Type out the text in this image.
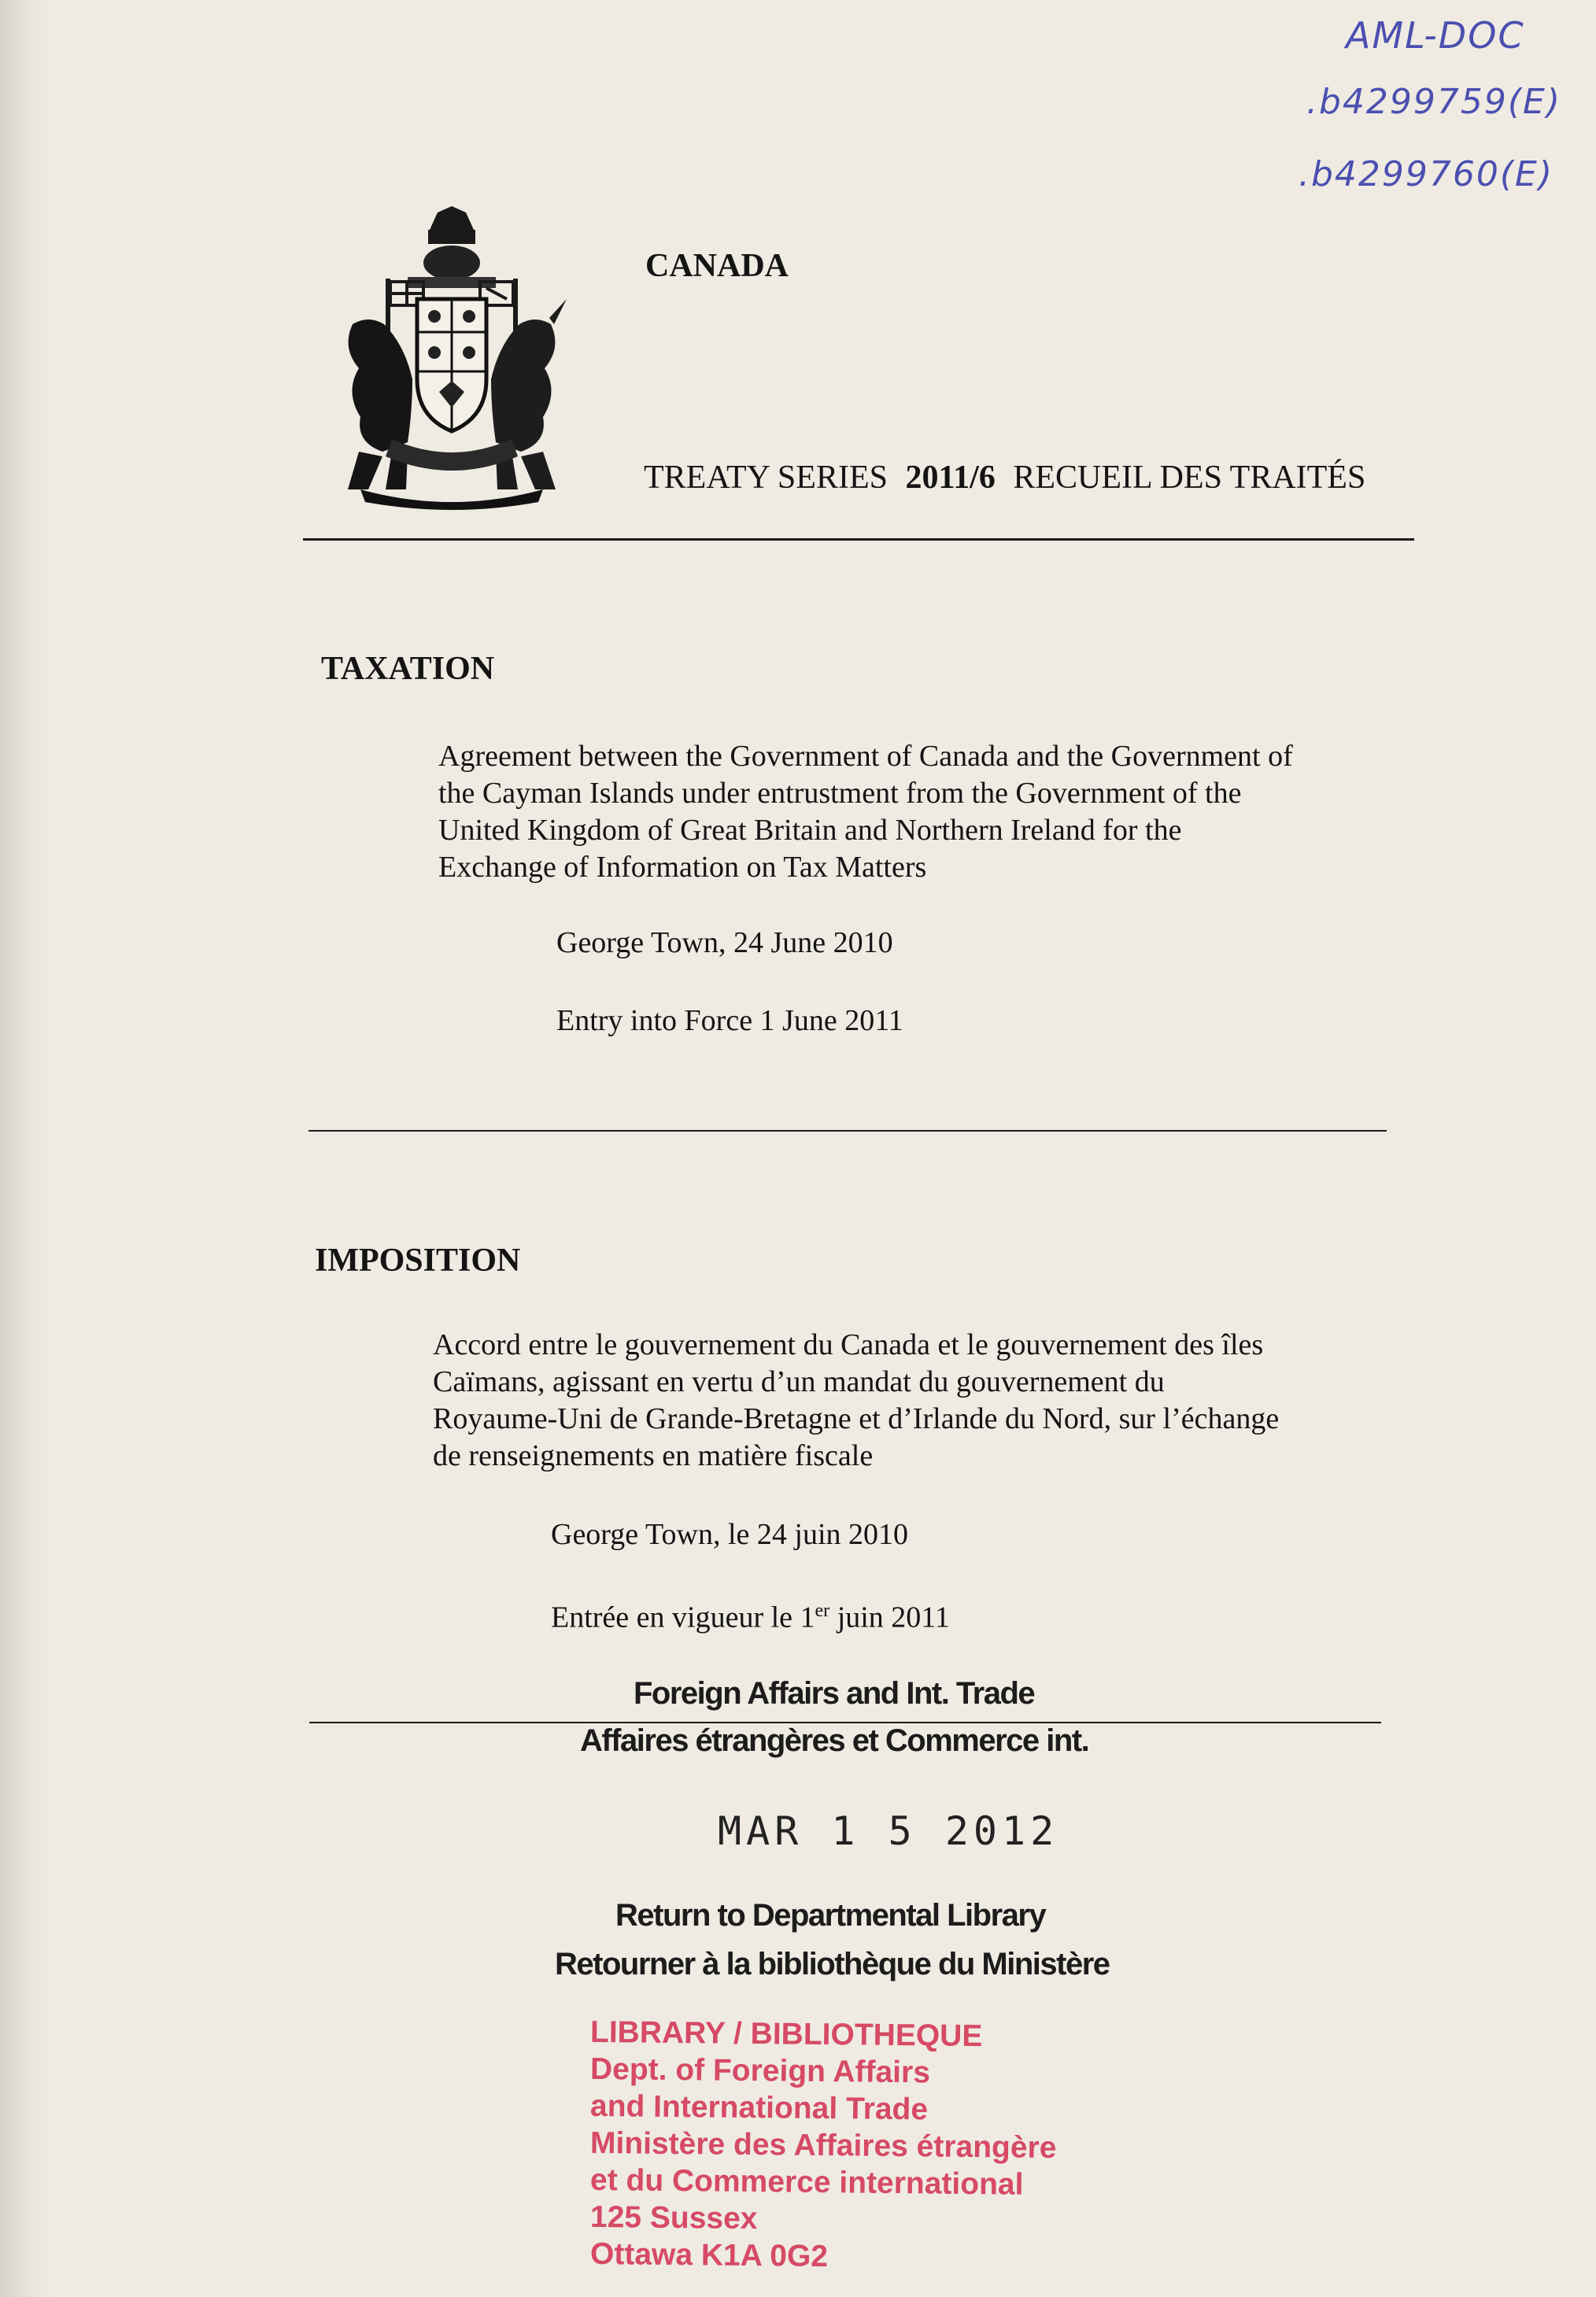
AML-DOC
.b4299759(E)
.b4299760(E)
CANADA
TREATY SERIES 2011/6 RECUEIL DES TRAITÉS
TAXATION
Agreement between the Government of Canada and the Government of
the Cayman Islands under entrustment from the Government of the
United Kingdom of Great Britain and Northern Ireland for the
Exchange of Information on Tax Matters
George Town, 24 June 2010
Entry into Force 1 June 2011
IMPOSITION
Accord entre le gouvernement du Canada et le gouvernement des îles
Caïmans, agissant en vertu d’un mandat du gouvernement du
Royaume-Uni de Grande-Bretagne et d’Irlande du Nord, sur l’échange
de renseignements en matière fiscale
George Town, le 24 juin 2010
Entrée en vigueur le 1er juin 2011
Foreign Affairs and Int. Trade
Affaires étrangères et Commerce int.
MAR 1 5 2012
Return to Departmental Library
Retourner à la bibliothèque du Ministère
LIBRARY / BIBLIOTHEQUE
Dept. of Foreign Affairs
and International Trade
Ministère des Affaires étrangère
et du Commerce international
125 Sussex
Ottawa K1A 0G2
